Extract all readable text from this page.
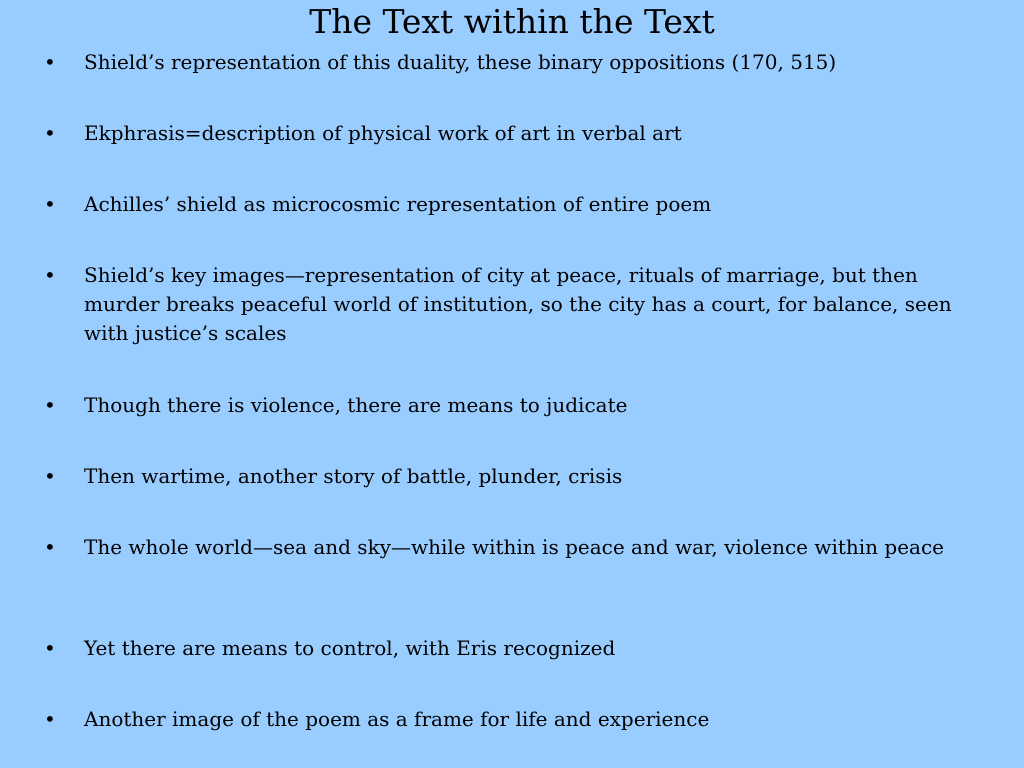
The Text within the Text
• Shield’s representation of this duality, these binary oppositions (170, 515)
• Ekphrasis=description of physical work of art in verbal art
• Achilles’ shield as microcosmic representation of entire poem
• Shield’s key images—representation of city at peace, rituals of marriage, but then murder breaks peaceful world of institution, so the city has a court, for balance, seen with justice’s scales
• Though there is violence, there are means to judicate
• Then wartime, another story of battle, plunder, crisis
• The whole world—sea and sky—while within is peace and war, violence within peace
• Yet there are means to control, with Eris recognized
• Another image of the poem as a frame for life and experience
